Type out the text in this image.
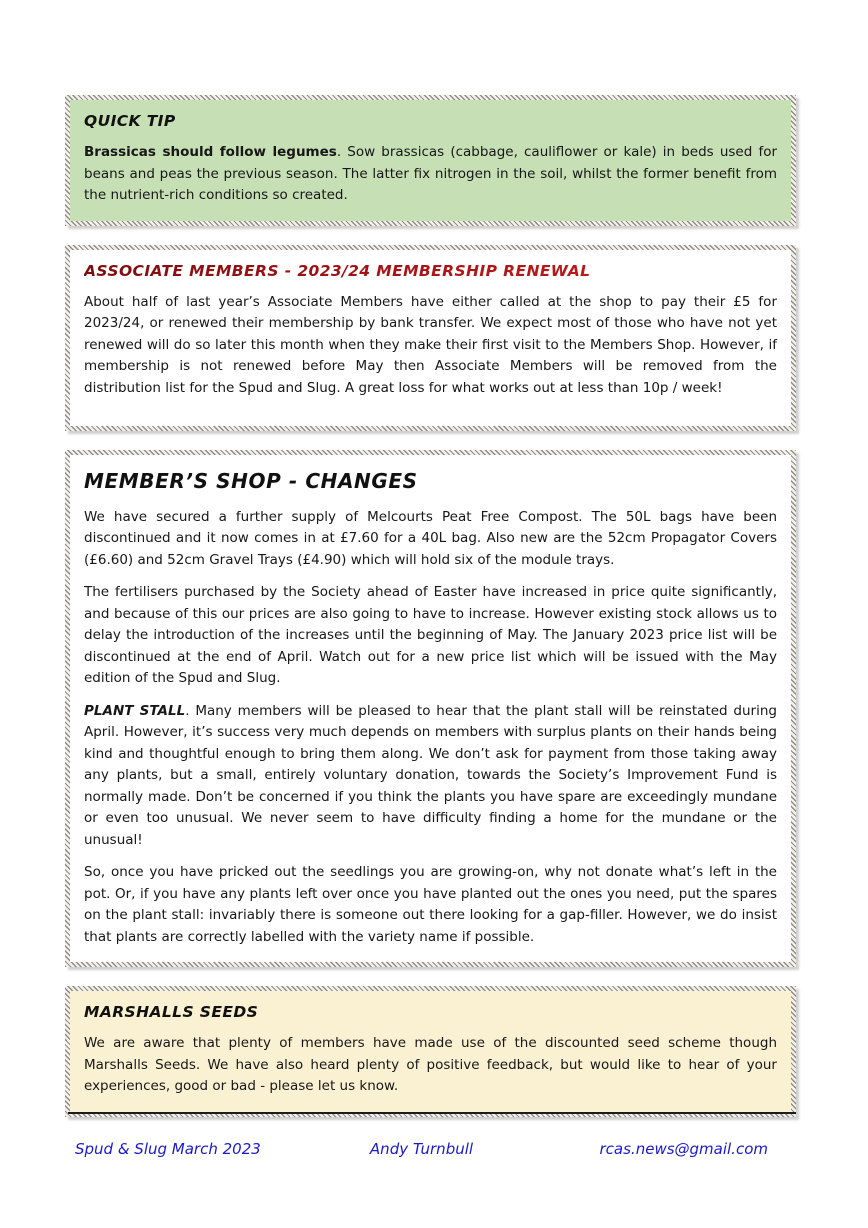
QUICK TIP

Brassicas should follow legumes. Sow brassicas (cabbage, cauliflower or kale) in beds used for beans and peas the previous season. The latter fix nitrogen in the soil, whilst the former benefit from the nutrient-rich conditions so created.

ASSOCIATE MEMBERS - 2023/24 MEMBERSHIP RENEWAL

About half of last year’s Associate Members have either called at the shop to pay their £5 for 2023/24, or renewed their membership by bank transfer. We expect most of those who have not yet renewed will do so later this month when they make their first visit to the Members Shop. However, if membership is not renewed before May then Associate Members will be removed from the distribution list for the Spud and Slug. A great loss for what works out at less than 10p / week!

MEMBER’S SHOP - CHANGES

We have secured a further supply of Melcourts Peat Free Compost. The 50L bags have been discontinued and it now comes in at £7.60 for a 40L bag. Also new are the 52cm Propagator Covers (£6.60) and 52cm Gravel Trays (£4.90) which will hold six of the module trays.

The fertilisers purchased by the Society ahead of Easter have increased in price quite significantly, and because of this our prices are also going to have to increase. However existing stock allows us to delay the introduction of the increases until the beginning of May. The January 2023 price list will be discontinued at the end of April. Watch out for a new price list which will be issued with the May edition of the Spud and Slug.

PLANT STALL. Many members will be pleased to hear that the plant stall will be reinstated during April. However, it’s success very much depends on members with surplus plants on their hands being kind and thoughtful enough to bring them along. We don’t ask for payment from those taking away any plants, but a small, entirely voluntary donation, towards the Society’s Improvement Fund is normally made. Don’t be concerned if you think the plants you have spare are exceedingly mundane or even too unusual. We never seem to have difficulty finding a home for the mundane or the unusual!

So, once you have pricked out the seedlings you are growing-on, why not donate what’s left in the pot. Or, if you have any plants left over once you have planted out the ones you need, put the spares on the plant stall: invariably there is someone out there looking for a gap-filler. However, we do insist that plants are correctly labelled with the variety name if possible.

MARSHALLS SEEDS

We are aware that plenty of members have made use of the discounted seed scheme though Marshalls Seeds. We have also heard plenty of positive feedback, but would like to hear of your experiences, good or bad - please let us know.

Spud & Slug March 2023	Andy Turnbull	rcas.news@gmail.com
